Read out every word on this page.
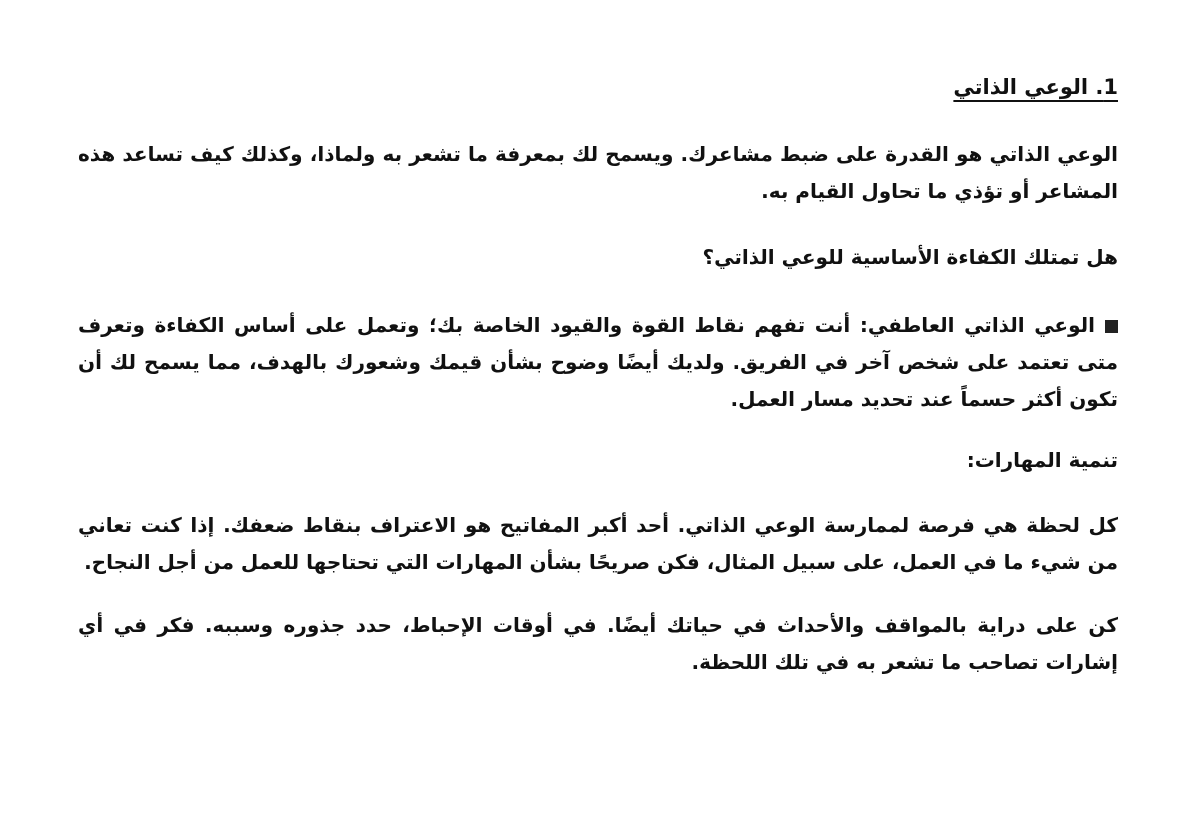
1. الوعي الذاتي

الوعي الذاتي هو القدرة على ضبط مشاعرك. ويسمح لك بمعرفة ما تشعر به ولماذا، وكذلك كيف تساعد هذه المشاعر أو تؤذي ما تحاول القيام به.

هل تمتلك الكفاءة الأساسية للوعي الذاتي؟

الوعي الذاتي العاطفي: أنت تفهم نقاط القوة والقيود الخاصة بك؛ وتعمل على أساس الكفاءة وتعرف متى تعتمد على شخص آخر في الفريق. ولديك أيضًا وضوح بشأن قيمك وشعورك بالهدف، مما يسمح لك أن تكون أكثر حسماً عند تحديد مسار العمل.

تنمية المهارات:

كل لحظة هي فرصة لممارسة الوعي الذاتي. أحد أكبر المفاتيح هو الاعتراف بنقاط ضعفك. إذا كنت تعاني من شيء ما في العمل، على سبيل المثال، فكن صريحًا بشأن المهارات التي تحتاجها للعمل من أجل النجاح.

كن على دراية بالمواقف والأحداث في حياتك أيضًا. في أوقات الإحباط، حدد جذوره وسببه. فكر في أي إشارات تصاحب ما تشعر به في تلك اللحظة.
